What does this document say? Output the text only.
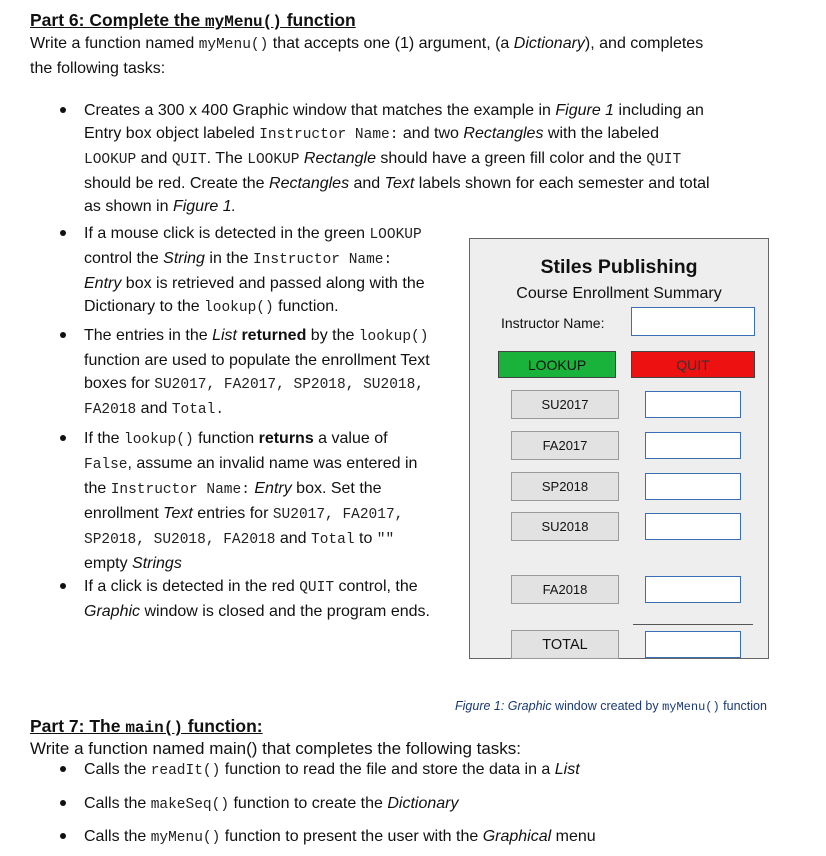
Part 6: Complete the myMenu() function
Write a function named myMenu() that accepts one (1) argument, (a Dictionary), and completes
the following tasks:
Creates a 300 x 400 Graphic window that matches the example in Figure 1 including an
Entry box object labeled Instructor Name: and two Rectangles with the labeled
LOOKUP and QUIT. The LOOKUP Rectangle should have a green fill color and the QUIT
should be red. Create the Rectangles and Text labels shown for each semester and total
as shown in Figure 1.
If a mouse click is detected in the green LOOKUP
control the String in the Instructor Name:
Entry box is retrieved and passed along with the
Dictionary to the lookup() function.
The entries in the List returned by the lookup()
function are used to populate the enrollment Text
boxes for SU2017, FA2017, SP2018, SU2018,
FA2018 and Total.
If the lookup() function returns a value of
False, assume an invalid name was entered in
the Instructor Name: Entry box. Set the
enrollment Text entries for SU2017, FA2017,
SP2018, SU2018, FA2018 and Total to ""
empty Strings
If a click is detected in the red QUIT control, the
Graphic window is closed and the program ends.
Stiles Publishing
Course Enrollment Summary
Instructor Name:
LOOKUP	QUIT
SU2017
FA2017
SP2018
SU2018
FA2018
TOTAL
Figure 1: Graphic window created by myMenu() function
Part 7: The main() function:
Write a function named main() that completes the following tasks:
Calls the readIt() function to read the file and store the data in a List
Calls the makeSeq() function to create the Dictionary
Calls the myMenu() function to present the user with the Graphical menu
